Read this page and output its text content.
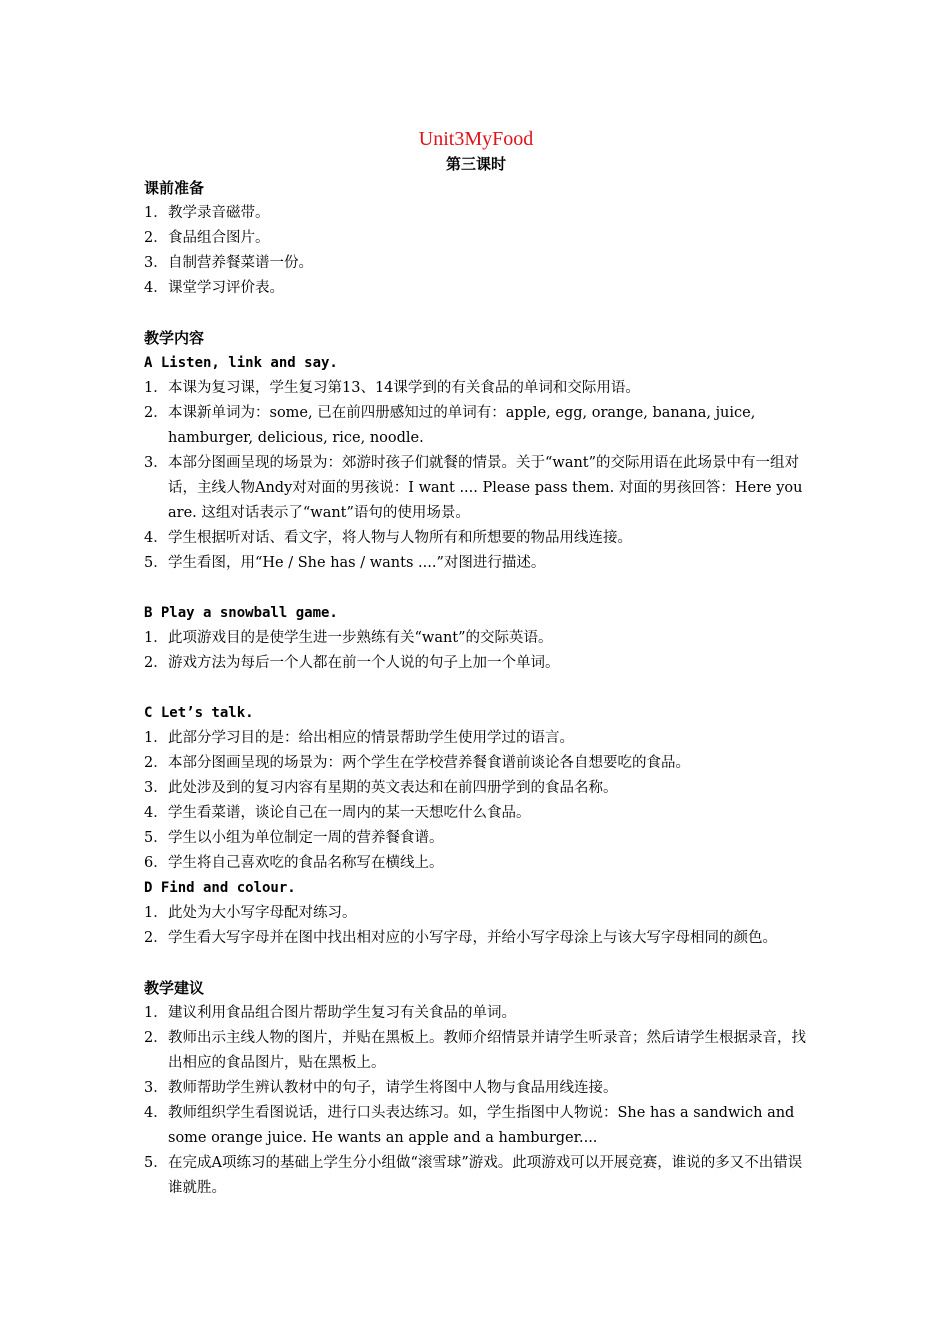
Unit3MyFood
第三课时
课前准备
1． 教学录音磁带。
2． 食品组合图片。
3． 自制营养餐菜谱一份。
4． 课堂学习评价表。
教学内容
A Listen, link and say.
1． 本课为复习课，学生复习第13、14课学到的有关食品的单词和交际用语。
2． 本课新单词为：some, 已在前四册感知过的单词有：apple, egg, orange, banana, juice, hamburger, delicious, rice, noodle.
3． 本部分图画呈现的场景为：郊游时孩子们就餐的情景。关于“want”的交际用语在此场景中有一组对话，主线人物Andy对对面的男孩说：I want .... Please pass them. 对面的男孩回答：Here you are. 这组对话表示了“want”语句的使用场景。
4． 学生根据听对话、看文字，将人物与人物所有和所想要的物品用线连接。
5． 学生看图，用“He / She has / wants ....”对图进行描述。
B Play a snowball game.
1． 此项游戏目的是使学生进一步熟练有关“want”的交际英语。
2． 游戏方法为每后一个人都在前一个人说的句子上加一个单词。
C Let’s talk.
1． 此部分学习目的是：给出相应的情景帮助学生使用学过的语言。
2． 本部分图画呈现的场景为：两个学生在学校营养餐食谱前谈论各自想要吃的食品。
3． 此处涉及到的复习内容有星期的英文表达和在前四册学到的食品名称。
4． 学生看菜谱，谈论自己在一周内的某一天想吃什么食品。
5． 学生以小组为单位制定一周的营养餐食谱。
6． 学生将自己喜欢吃的食品名称写在横线上。
D Find and colour.
1． 此处为大小写字母配对练习。
2． 学生看大写字母并在图中找出相对应的小写字母，并给小写字母涂上与该大写字母相同的颜色。
教学建议
1． 建议利用食品组合图片帮助学生复习有关食品的单词。
2． 教师出示主线人物的图片，并贴在黑板上。教师介绍情景并请学生听录音；然后请学生根据录音，找出相应的食品图片，贴在黑板上。
3． 教师帮助学生辨认教材中的句子，请学生将图中人物与食品用线连接。
4． 教师组织学生看图说话，进行口头表达练习。如，学生指图中人物说：She has a sandwich and some orange juice. He wants an apple and a hamburger....
5． 在完成A项练习的基础上学生分小组做“滚雪球”游戏。此项游戏可以开展竞赛，谁说的多又不出错误谁就胜。
